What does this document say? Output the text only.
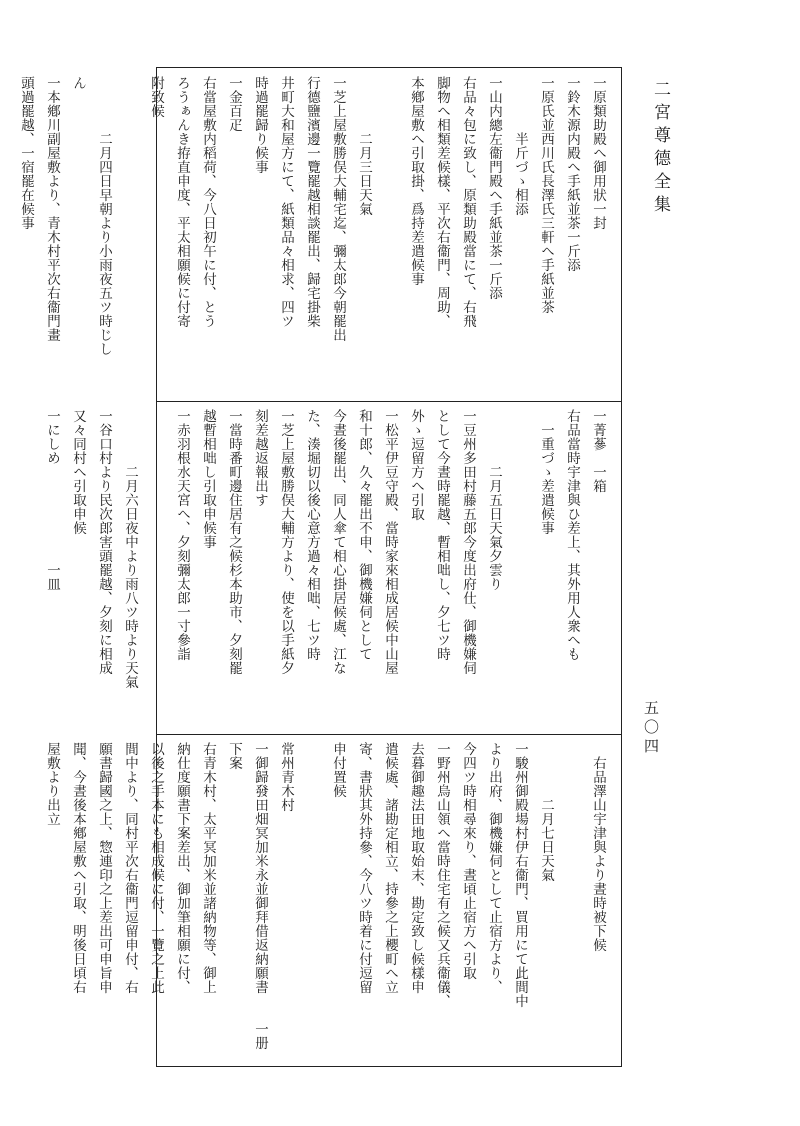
二宮尊德全集
五〇四
一原類助殿へ御用狀一封
一鈴木源内殿へ手紙並茶一斤添
一原氏並西川氏長澤氏三軒へ手紙並茶
半斤づゝ相添
一山内總左衞門殿へ手紙並茶一斤添
右品々包に致し、原類助殿當にて、右飛
脚物へ相類差候樣、平次右衞門、周助、
本鄕屋敷へ引取掛、爲持差遣候事
二月三日天氣
一芝上屋敷勝俣大輔宅迄、彌太郎今朝罷出
行德鹽濱邊一覽罷越相談罷出、歸宅掛柴
井町大和屋方にて、紙類品々相求、四ツ
時過罷歸り候事
一金百疋
右當屋敷内稻荷、今八日初午に付、とう
ろうぁんき拵直申度、平太相願候に付寄
附致候
二月四日早朝より小雨夜五ツ時じし
ん
一本鄕川副屋敷より、青木村平次右衞門畫
頭過罷越、一宿罷在候事
一菁蔘　一箱
右品當時宇津與ひ差上、其外用人衆へも
一重づゝ差遣候事
二月五日天氣夕雲り
一豆州多田村藤五郎今度出府仕、御機嫌伺
として今晝時罷越、暫相咄し、夕七ツ時
外ゝ逗留方へ引取
一松平伊豆守殿、當時家來相成居候中山屋
和十郎、久々罷出不申、御機嫌伺として
今晝後罷出、同人傘て相心掛居候處、江な
た、湊堀切以後心意方過々相咄、七ツ時
一芝上屋敷勝俣大輔方より、使を以手紙夕
刻差越返報出す
一當時番町邊住居有之候杉本助市、夕刻罷
越暫相咄し引取申候事
一赤羽根水天宮へ、夕刻彌太郎一寸參詣
二月六日夜中より雨八ツ時より天氣
一谷口村より民次郎害頭罷越、夕刻に相成
又々同村へ引取申候
一にしめ　　　　　　　一皿
右品澤山宇津與より晝時被下候
二月七日天氣
一駿州御殿場村伊右衞門、買用にて此間中
より出府、御機嫌伺として止宿方より、
今四ツ時相尋來り、晝頃止宿方へ引取
一野州烏山領へ當時住宅有之候又兵衞儀、
去暮御趣法田地取始末、勘定致し候樣申
遣候處、諸勘定相立、持參之上櫻町へ立
寄、書狀其外持參、今八ツ時着に付逗留
申付置候
常州青木村
一御歸發田畑冥加米永並御拜借返納願書　　一册
下案
右青木村、太平冥加米並諸納物等、御上
納仕度願書下案差出、御加筆相願に付、
以後之手本にも相成候に付、一覽之上此
間中より、同村平次右衞門逗留申付、右
願書歸國之上、惣連印之上差出可申旨申
聞、今晝後本鄕屋敷へ引取、明後日頃右
屋敷より出立
